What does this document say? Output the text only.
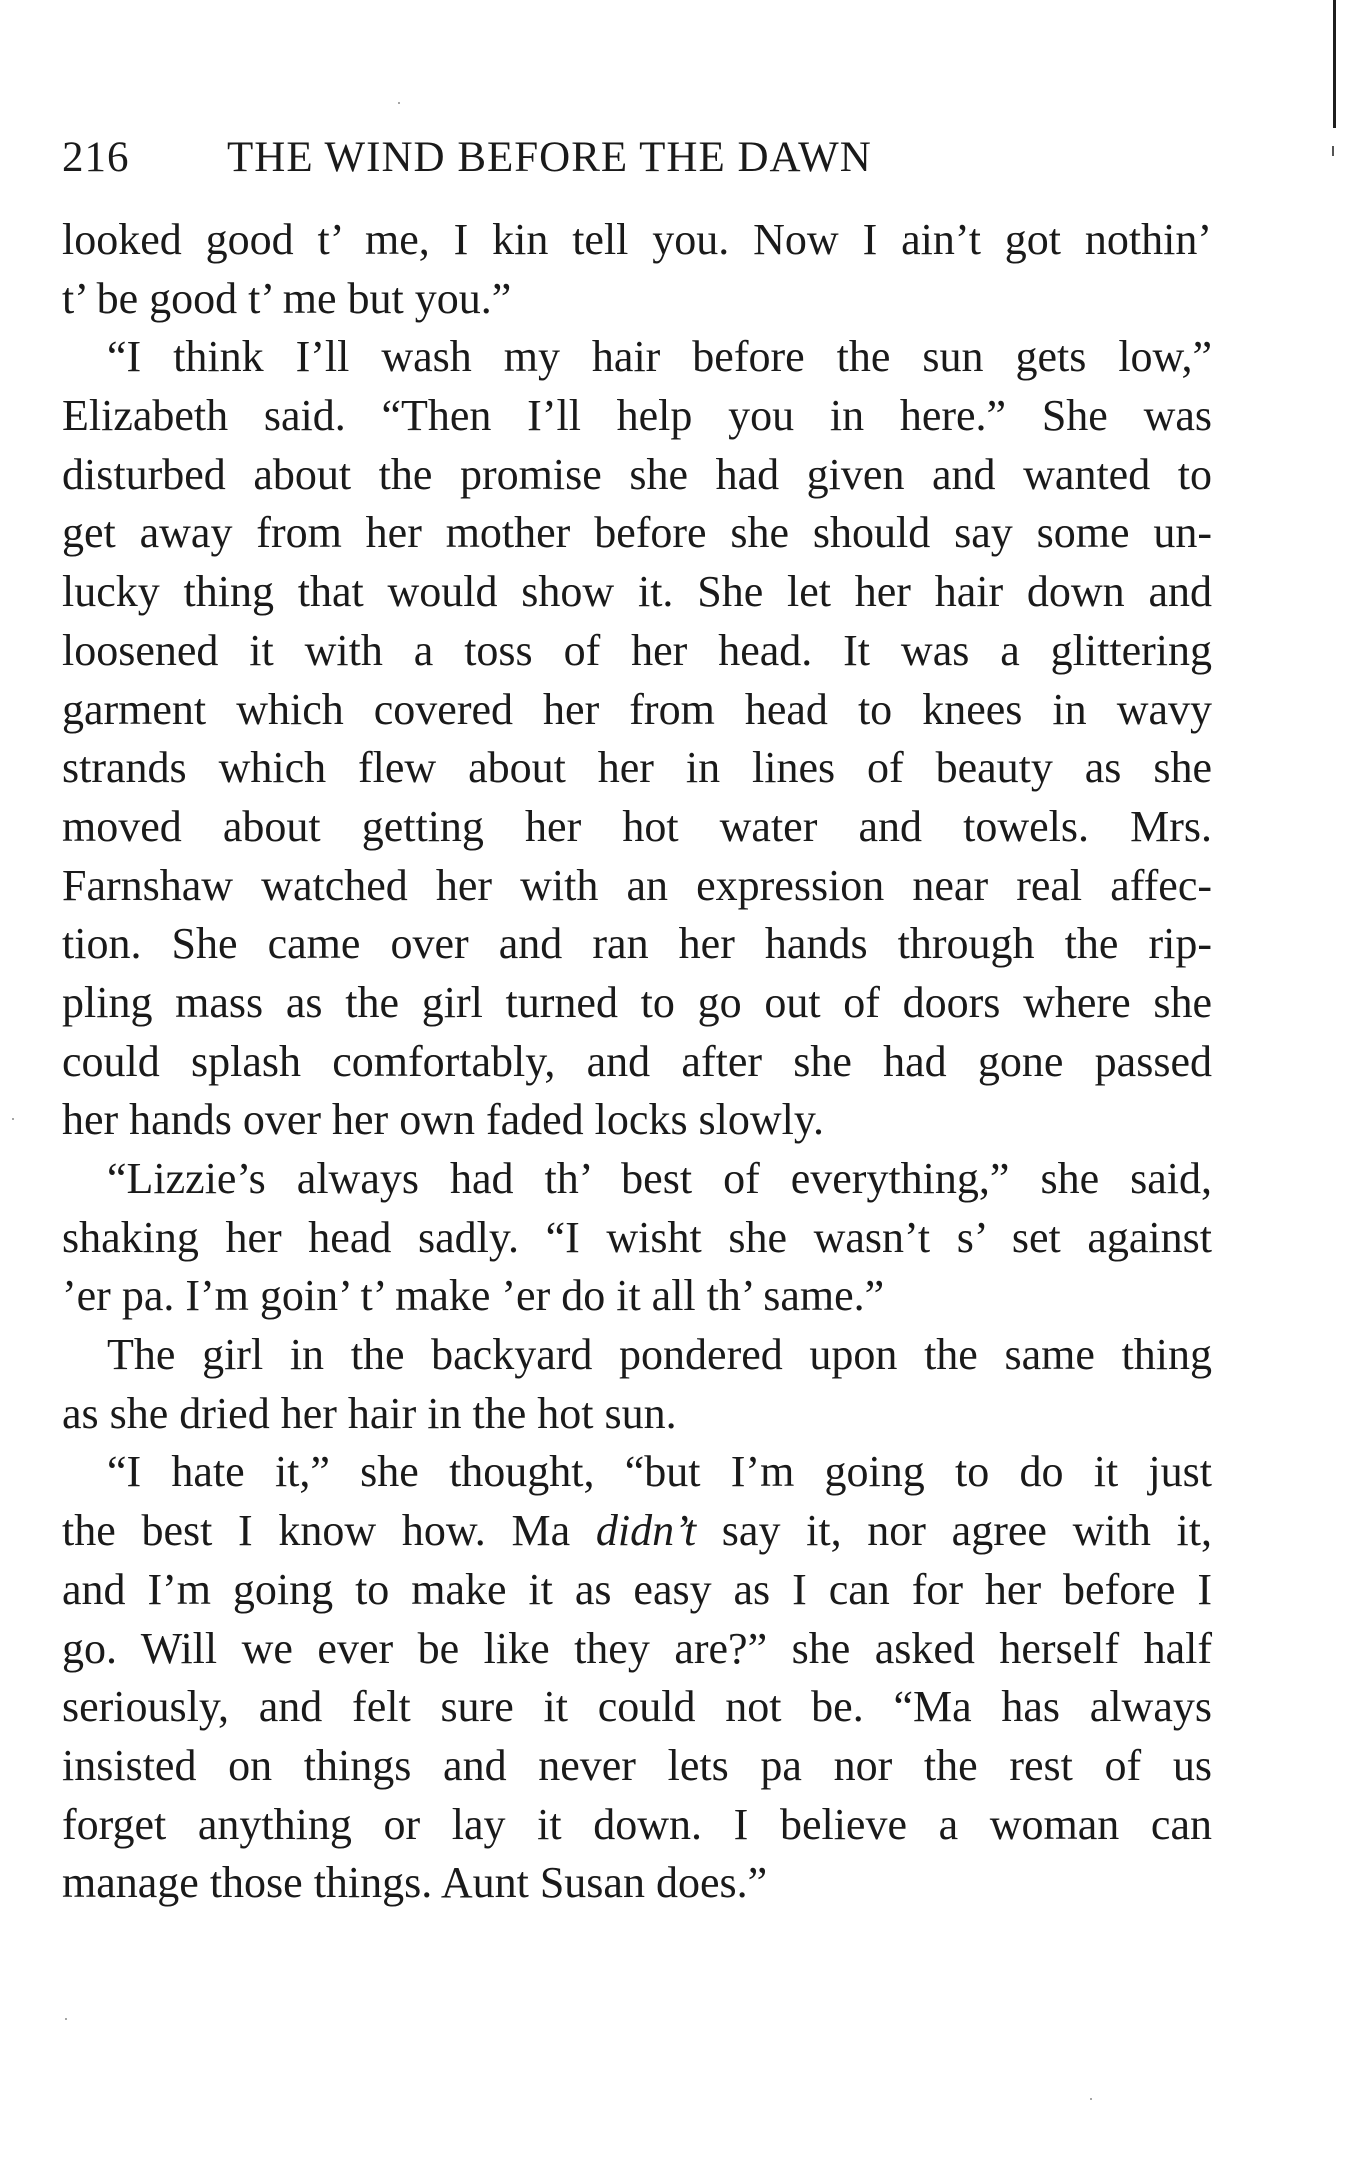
216 THE WIND BEFORE THE DAWN
looked good t’ me, I kin tell you. Now I ain’t got nothin’
t’ be good t’ me but you.”
“I think I’ll wash my hair before the sun gets low,”
Elizabeth said. “Then I’ll help you in here.” She was
disturbed about the promise she had given and wanted to
get away from her mother before she should say some un-
lucky thing that would show it. She let her hair down and
loosened it with a toss of her head. It was a glittering
garment which covered her from head to knees in wavy
strands which flew about her in lines of beauty as she
moved about getting her hot water and towels. Mrs.
Farnshaw watched her with an expression near real affec-
tion. She came over and ran her hands through the rip-
pling mass as the girl turned to go out of doors where she
could splash comfortably, and after she had gone passed
her hands over her own faded locks slowly.
“Lizzie’s always had th’ best of everything,” she said,
shaking her head sadly. “I wisht she wasn’t s’ set against
’er pa. I’m goin’ t’ make ’er do it all th’ same.”
The girl in the backyard pondered upon the same thing
as she dried her hair in the hot sun.
“I hate it,” she thought, “but I’m going to do it just
the best I know how. Ma didn’t say it, nor agree with it,
and I’m going to make it as easy as I can for her before I
go. Will we ever be like they are?” she asked herself half
seriously, and felt sure it could not be. “Ma has always
insisted on things and never lets pa nor the rest of us
forget anything or lay it down. I believe a woman can
manage those things. Aunt Susan does.”
